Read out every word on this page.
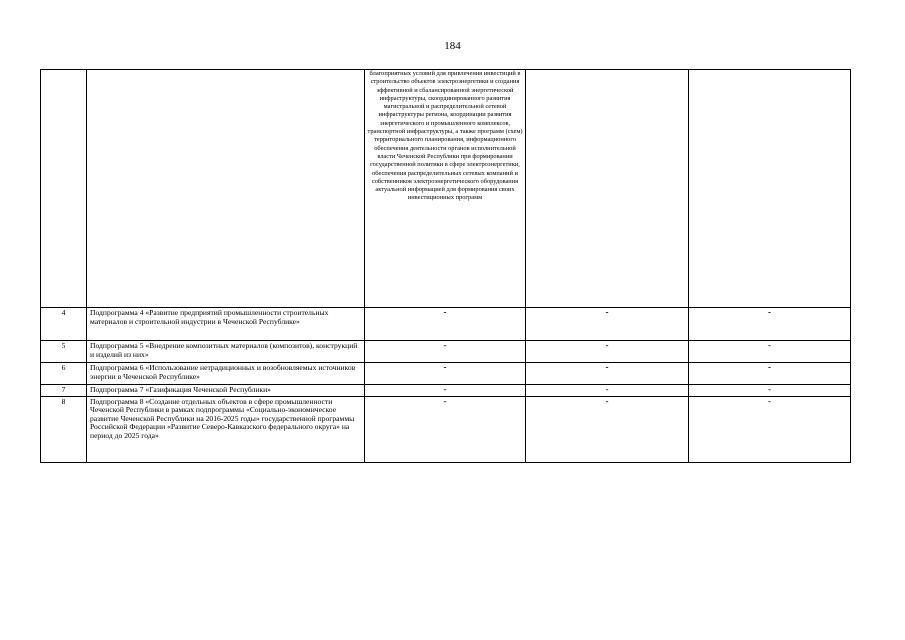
184

		благоприятных условий для привлечения инвестиций в строительство объектов электроэнергетики и создания эффективной и сбалансированной энергетической инфраструктуры, скоординированного развития магистральной и распределительной сетевой инфраструктуры региона, координации развития энергетического и промышленного комплексов, транспортной инфраструктуры, а также программ (схем) территориального планирования, информационного обеспечения деятельности органов исполнительной власти Чеченской Республики при формировании государственной политики в сфере электроэнергетики, обеспечения распределительных сетевых компаний и собственников электроэнергетического оборудования актуальной информацией для формирования своих инвестиционных программ		

4	Подпрограмма 4 «Развитие предприятий промышленности строительных материалов и строительной индустрии в Чеченской Республике»	-	-	-
5	Подпрограмма 5 «Внедрение композитных материалов (композитов), конструкций и изделий из них»	-	-	-
6	Подпрограмма 6 «Использование нетрадиционных и возобновляемых источников энергии в Чеченской Республике»	-	-	-
7	Подпрограмма 7 «Газификация Чеченской Республики»	-	-	-
8	Подпрограмма 8 «Создание отдельных объектов в сфере промышленности Чеченской Республики в рамках подпрограммы «Социально-экономическое развитие Чеченской Республики на 2016-2025 годы» государственной программы Российской Федерации «Развитие Северо-Кавказского федерального округа» на период до 2025 года»	-	-	-
